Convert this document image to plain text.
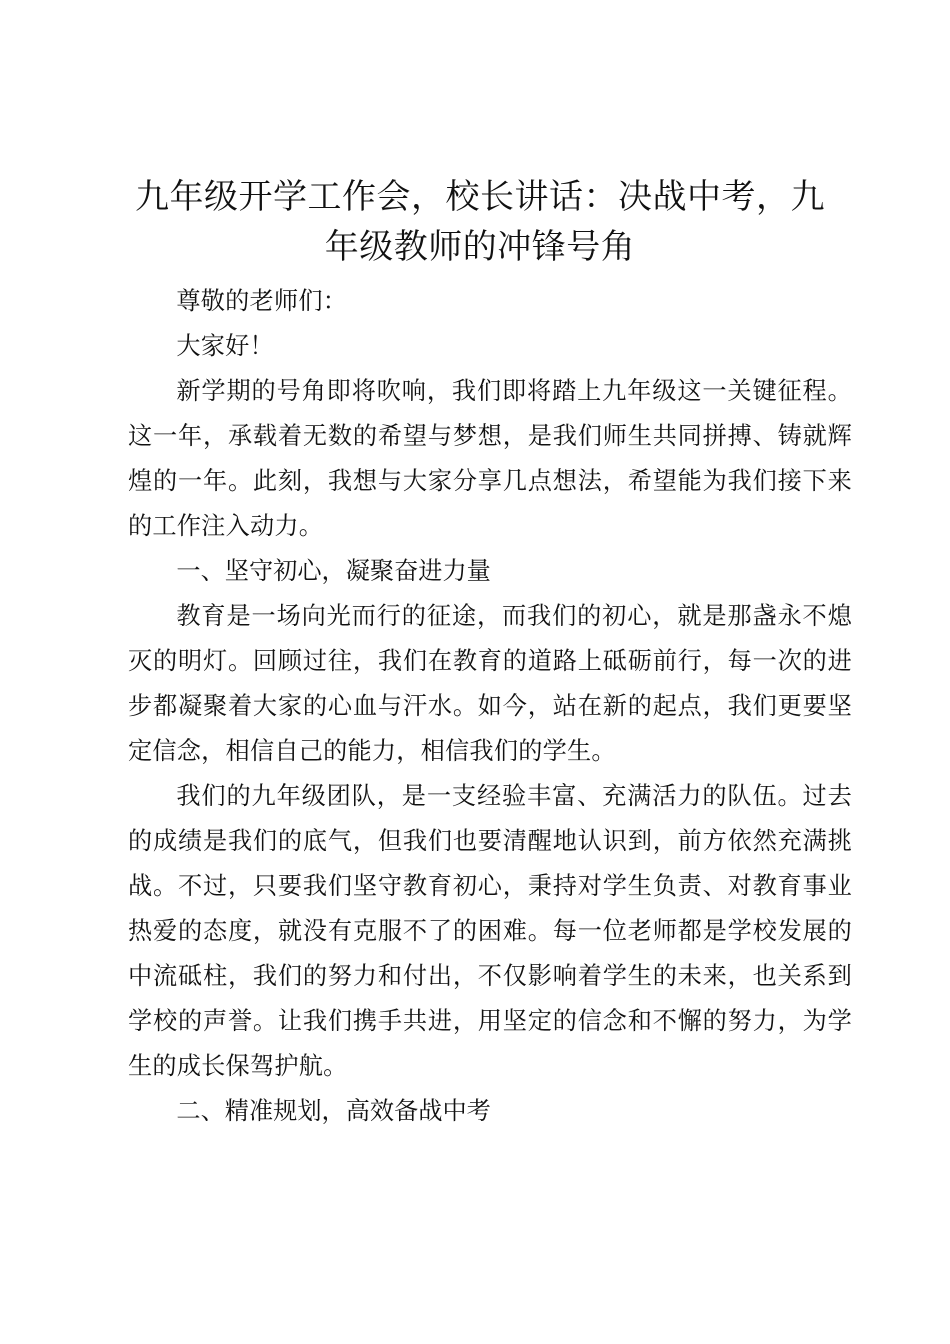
九年级开学工作会，校长讲话：决战中考，九
年级教师的冲锋号角

尊敬的老师们：

大家好！

新学期的号角即将吹响，我们即将踏上九年级这一关键征程。这一年，承载着无数的希望与梦想，是我们师生共同拼搏、铸就辉煌的一年。此刻，我想与大家分享几点想法，希望能为我们接下来的工作注入动力。

一、坚守初心，凝聚奋进力量

教育是一场向光而行的征途，而我们的初心，就是那盏永不熄灭的明灯。回顾过往，我们在教育的道路上砥砺前行，每一次的进步都凝聚着大家的心血与汗水。如今，站在新的起点，我们更要坚定信念，相信自己的能力，相信我们的学生。

我们的九年级团队，是一支经验丰富、充满活力的队伍。过去的成绩是我们的底气，但我们也要清醒地认识到，前方依然充满挑战。不过，只要我们坚守教育初心，秉持对学生负责、对教育事业热爱的态度，就没有克服不了的困难。每一位老师都是学校发展的中流砥柱，我们的努力和付出，不仅影响着学生的未来，也关系到学校的声誉。让我们携手共进，用坚定的信念和不懈的努力，为学生的成长保驾护航。

二、精准规划，高效备战中考
